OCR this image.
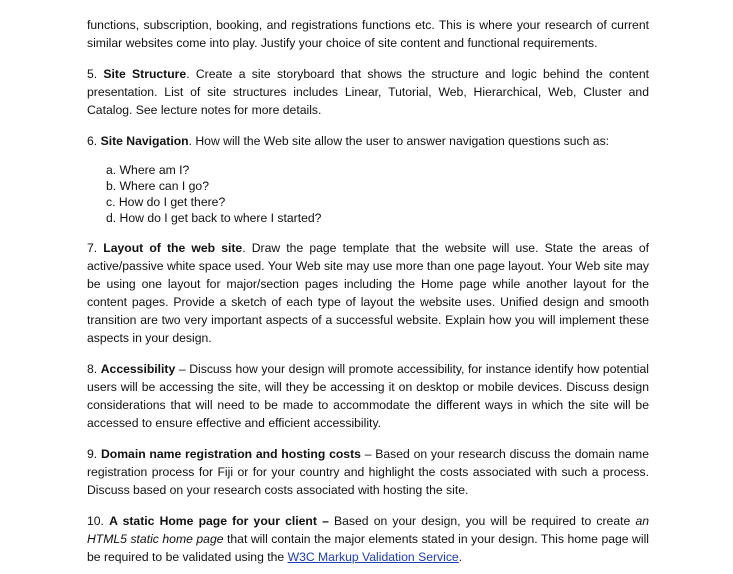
functions, subscription, booking, and registrations functions etc. This is where your research of current similar websites come into play. Justify your choice of site content and functional requirements.

5. Site Structure. Create a site storyboard that shows the structure and logic behind the content presentation. List of site structures includes Linear, Tutorial, Web, Hierarchical, Web, Cluster and Catalog. See lecture notes for more details.

6. Site Navigation. How will the Web site allow the user to answer navigation questions such as:

a. Where am I?
b. Where can I go?
c. How do I get there?
d. How do I get back to where I started?

7. Layout of the web site. Draw the page template that the website will use. State the areas of active/passive white space used. Your Web site may use more than one page layout. Your Web site may be using one layout for major/section pages including the Home page while another layout for the content pages. Provide a sketch of each type of layout the website uses. Unified design and smooth transition are two very important aspects of a successful website. Explain how you will implement these aspects in your design.

8. Accessibility – Discuss how your design will promote accessibility, for instance identify how potential users will be accessing the site, will they be accessing it on desktop or mobile devices. Discuss design considerations that will need to be made to accommodate the different ways in which the site will be accessed to ensure effective and efficient accessibility.

9. Domain name registration and hosting costs – Based on your research discuss the domain name registration process for Fiji or for your country and highlight the costs associated with such a process. Discuss based on your research costs associated with hosting the site.

10. A static Home page for your client – Based on your design, you will be required to create an HTML5 static home page that will contain the major elements stated in your design. This home page will be required to be validated using the W3C Markup Validation Service.
